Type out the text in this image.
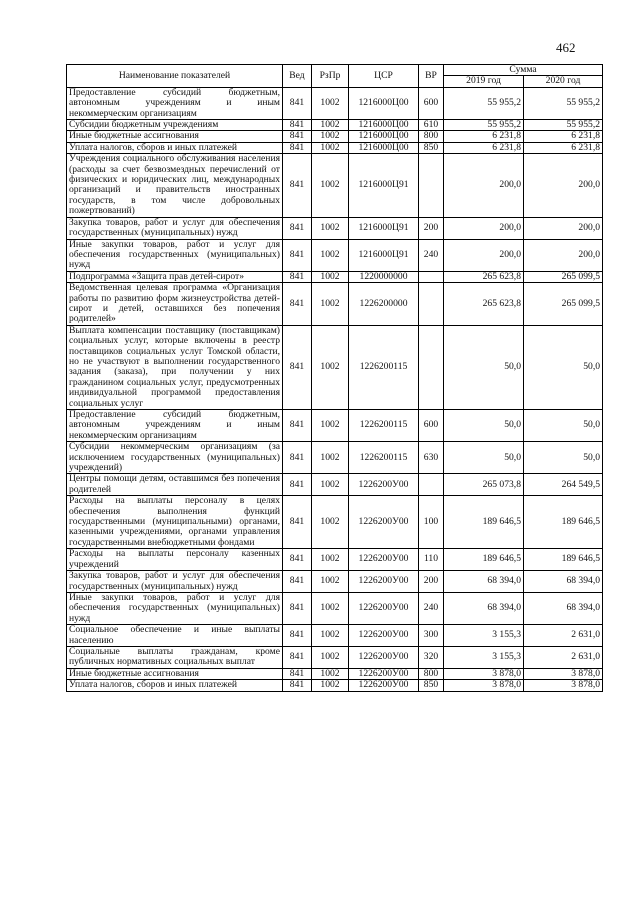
462
Наименование показателей	Вед	РзПр	ЦСР	ВР	Сумма	
					2019 год	2020 год
Предоставление субсидий бюджетным, автономным учреждениям и иным некоммерческим организациям	841	1002	1216000Ц00	600	55 955,2	55 955,2
Субсидии бюджетным учреждениям	841	1002	1216000Ц00	610	55 955,2	55 955,2
Иные бюджетные ассигнования	841	1002	1216000Ц00	800	6 231,8	6 231,8
Уплата налогов, сборов и иных платежей	841	1002	1216000Ц00	850	6 231,8	6 231,8
Учреждения социального обслуживания населения (расходы за счет безвозмездных перечислений от физических и юридических лиц, международных организаций и правительств иностранных государств, в том числе добровольных пожертвований)	841	1002	1216000Ц91		200,0	200,0
Закупка товаров, работ и услуг для обеспечения государственных (муниципальных) нужд	841	1002	1216000Ц91	200	200,0	200,0
Иные закупки товаров, работ и услуг для обеспечения государственных (муниципальных) нужд	841	1002	1216000Ц91	240	200,0	200,0
Подпрограмма «Защита прав детей-сирот»	841	1002	1220000000		265 623,8	265 099,5
Ведомственная целевая программа «Организация работы по развитию форм жизнеустройства детей-сирот и детей, оставшихся без попечения родителей»	841	1002	1226200000		265 623,8	265 099,5
Выплата компенсации поставщику (поставщикам) социальных услуг, которые включены в реестр поставщиков социальных услуг Томской области, но не участвуют в выполнении государственного задания (заказа), при получении у них гражданином социальных услуг, предусмотренных индивидуальной программой предоставления социальных услуг	841	1002	1226200115		50,0	50,0
Предоставление субсидий бюджетным, автономным учреждениям и иным некоммерческим организациям	841	1002	1226200115	600	50,0	50,0
Субсидии некоммерческим организациям (за исключением государственных (муниципальных) учреждений)	841	1002	1226200115	630	50,0	50,0
Центры помощи детям, оставшимся без попечения родителей	841	1002	1226200У00		265 073,8	264 549,5
Расходы на выплаты персоналу в целях обеспечения выполнения функций государственными (муниципальными) органами, казенными учреждениями, органами управления государственными внебюджетными фондами	841	1002	1226200У00	100	189 646,5	189 646,5
Расходы на выплаты персоналу казенных учреждений	841	1002	1226200У00	110	189 646,5	189 646,5
Закупка товаров, работ и услуг для обеспечения государственных (муниципальных) нужд	841	1002	1226200У00	200	68 394,0	68 394,0
Иные закупки товаров, работ и услуг для обеспечения государственных (муниципальных) нужд	841	1002	1226200У00	240	68 394,0	68 394,0
Социальное обеспечение и иные выплаты населению	841	1002	1226200У00	300	3 155,3	2 631,0
Социальные выплаты гражданам, кроме публичных нормативных социальных выплат	841	1002	1226200У00	320	3 155,3	2 631,0
Иные бюджетные ассигнования	841	1002	1226200У00	800	3 878,0	3 878,0
Уплата налогов, сборов и иных платежей	841	1002	1226200У00	850	3 878,0	3 878,0
